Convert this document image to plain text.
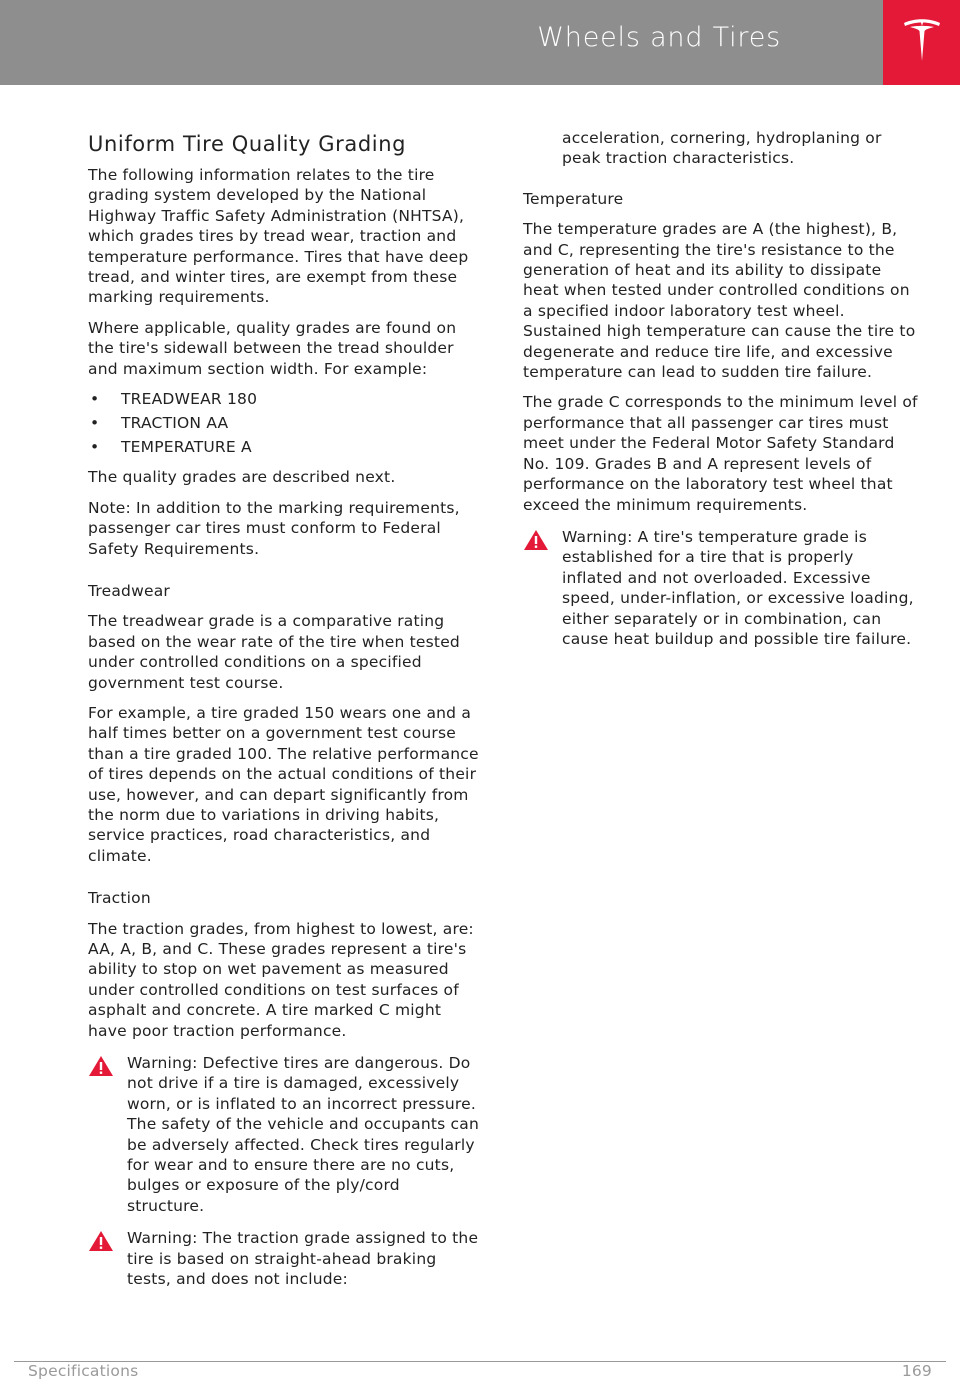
Wheels and Tires
Uniform Tire Quality Grading

The following information relates to the tire grading system developed by the National Highway Traffic Safety Administration (NHTSA), which grades tires by tread wear, traction and temperature performance. Tires that have deep tread, and winter tires, are exempt from these marking requirements.

Where applicable, quality grades are found on the tire's sidewall between the tread shoulder and maximum section width. For example:

• TREADWEAR 180
• TRACTION AA
• TEMPERATURE A

The quality grades are described next.

Note: In addition to the marking requirements, passenger car tires must conform to Federal Safety Requirements.

Treadwear

The treadwear grade is a comparative rating based on the wear rate of the tire when tested under controlled conditions on a specified government test course.

For example, a tire graded 150 wears one and a half times better on a government test course than a tire graded 100. The relative performance of tires depends on the actual conditions of their use, however, and can depart significantly from the norm due to variations in driving habits, service practices, road characteristics, and climate.

Traction

The traction grades, from highest to lowest, are: AA, A, B, and C. These grades represent a tire's ability to stop on wet pavement as measured under controlled conditions on test surfaces of asphalt and concrete. A tire marked C might have poor traction performance.

Warning: Defective tires are dangerous. Do not drive if a tire is damaged, excessively worn, or is inflated to an incorrect pressure. The safety of the vehicle and occupants can be adversely affected. Check tires regularly for wear and to ensure there are no cuts, bulges or exposure of the ply/cord structure.

Warning: The traction grade assigned to the tire is based on straight-ahead braking tests, and does not include:

acceleration, cornering, hydroplaning or peak traction characteristics.

Temperature

The temperature grades are A (the highest), B, and C, representing the tire's resistance to the generation of heat and its ability to dissipate heat when tested under controlled conditions on a specified indoor laboratory test wheel. Sustained high temperature can cause the tire to degenerate and reduce tire life, and excessive temperature can lead to sudden tire failure.

The grade C corresponds to the minimum level of performance that all passenger car tires must meet under the Federal Motor Safety Standard No. 109. Grades B and A represent levels of performance on the laboratory test wheel that exceed the minimum requirements.

Warning: A tire's temperature grade is established for a tire that is properly inflated and not overloaded. Excessive speed, under-inflation, or excessive loading, either separately or in combination, can cause heat buildup and possible tire failure.

Specifications	169
